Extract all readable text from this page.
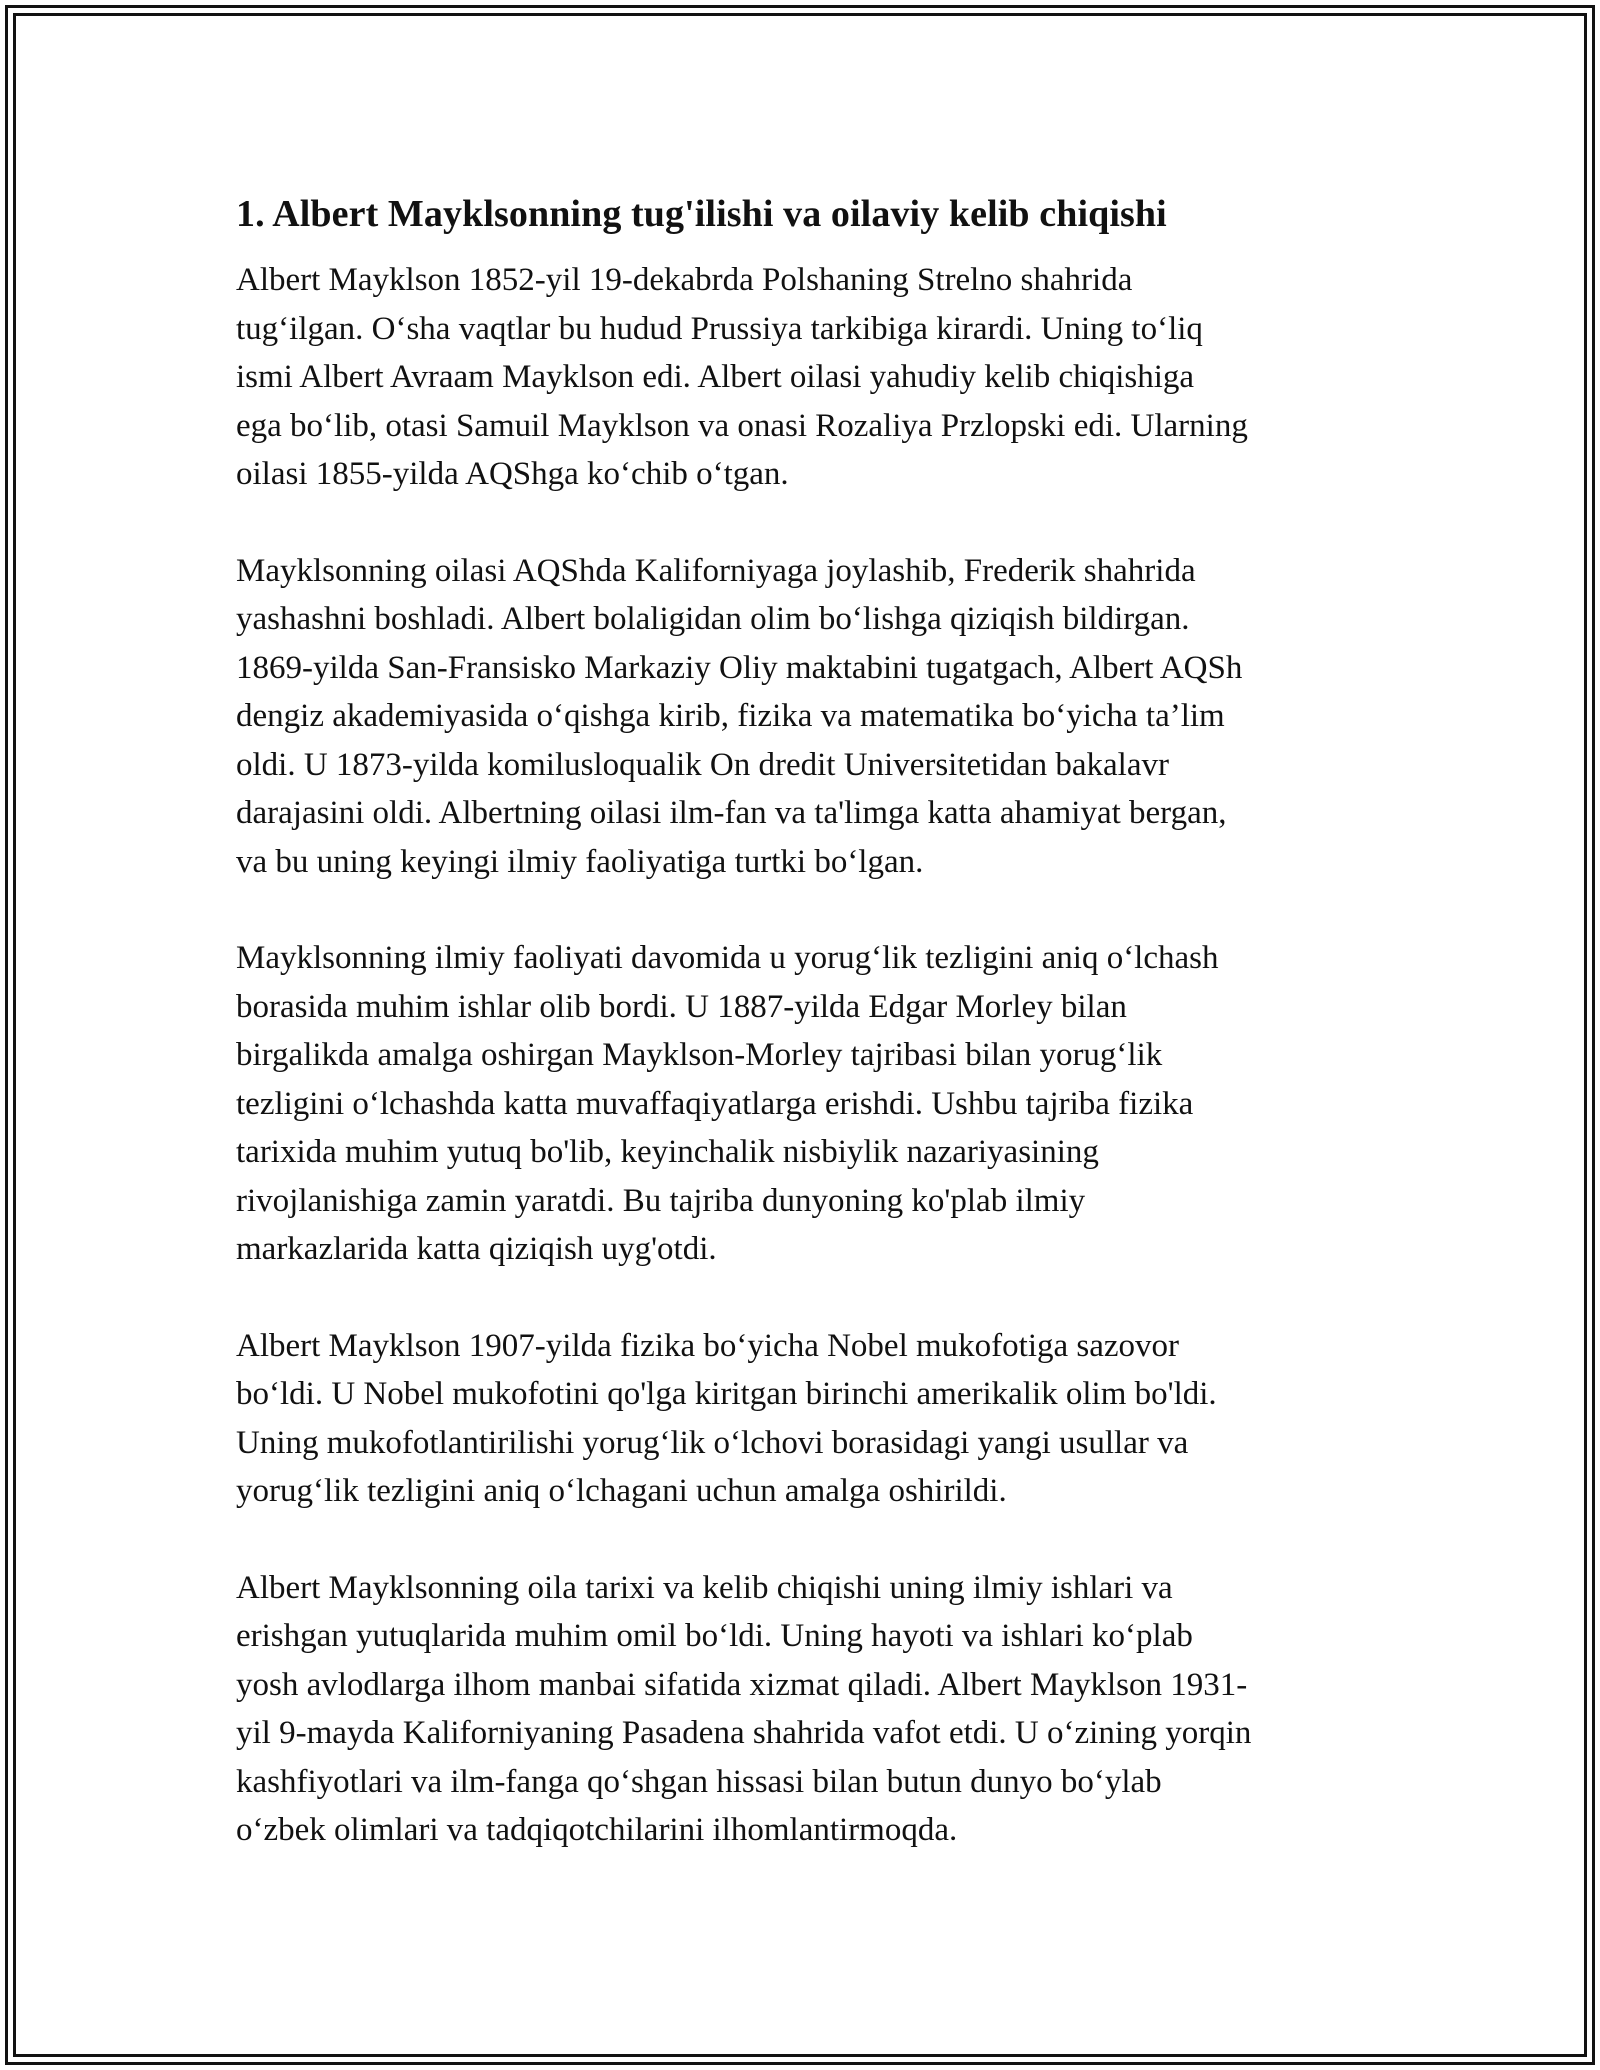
1. Albert Mayklsonning tug'ilishi va oilaviy kelib chiqishi

Albert Mayklson 1852-yil 19-dekabrda Polshaning Strelno shahrida
tug‘ilgan. O‘sha vaqtlar bu hudud Prussiya tarkibiga kirardi. Uning to‘liq
ismi Albert Avraam Mayklson edi. Albert oilasi yahudiy kelib chiqishiga
ega bo‘lib, otasi Samuil Mayklson va onasi Rozaliya Przlopski edi. Ularning
oilasi 1855-yilda AQShga ko‘chib o‘tgan.

Mayklsonning oilasi AQShda Kaliforniyaga joylashib, Frederik shahrida
yashashni boshladi. Albert bolaligidan olim bo‘lishga qiziqish bildirgan.
1869-yilda San-Fransisko Markaziy Oliy maktabini tugatgach, Albert AQSh
dengiz akademiyasida o‘qishga kirib, fizika va matematika bo‘yicha ta’lim
oldi. U 1873-yilda komilusloqualik On dredit Universitetidan bakalavr
darajasini oldi. Albertning oilasi ilm-fan va ta'limga katta ahamiyat bergan,
va bu uning keyingi ilmiy faoliyatiga turtki bo‘lgan.

Mayklsonning ilmiy faoliyati davomida u yorug‘lik tezligini aniq o‘lchash
borasida muhim ishlar olib bordi. U 1887-yilda Edgar Morley bilan
birgalikda amalga oshirgan Mayklson-Morley tajribasi bilan yorug‘lik
tezligini o‘lchashda katta muvaffaqiyatlarga erishdi. Ushbu tajriba fizika
tarixida muhim yutuq bo'lib, keyinchalik nisbiylik nazariyasining
rivojlanishiga zamin yaratdi. Bu tajriba dunyoning ko'plab ilmiy
markazlarida katta qiziqish uyg'otdi.

Albert Mayklson 1907-yilda fizika bo‘yicha Nobel mukofotiga sazovor
bo‘ldi. U Nobel mukofotini qo'lga kiritgan birinchi amerikalik olim bo'ldi.
Uning mukofotlantirilishi yorug‘lik o‘lchovi borasidagi yangi usullar va
yorug‘lik tezligini aniq o‘lchagani uchun amalga oshirildi.

Albert Mayklsonning oila tarixi va kelib chiqishi uning ilmiy ishlari va
erishgan yutuqlarida muhim omil bo‘ldi. Uning hayoti va ishlari ko‘plab
yosh avlodlarga ilhom manbai sifatida xizmat qiladi. Albert Mayklson 1931-
yil 9-mayda Kaliforniyaning Pasadena shahrida vafot etdi. U o‘zining yorqin
kashfiyotlari va ilm-fanga qo‘shgan hissasi bilan butun dunyo bo‘ylab
o‘zbek olimlari va tadqiqotchilarini ilhomlantirmoqda.
